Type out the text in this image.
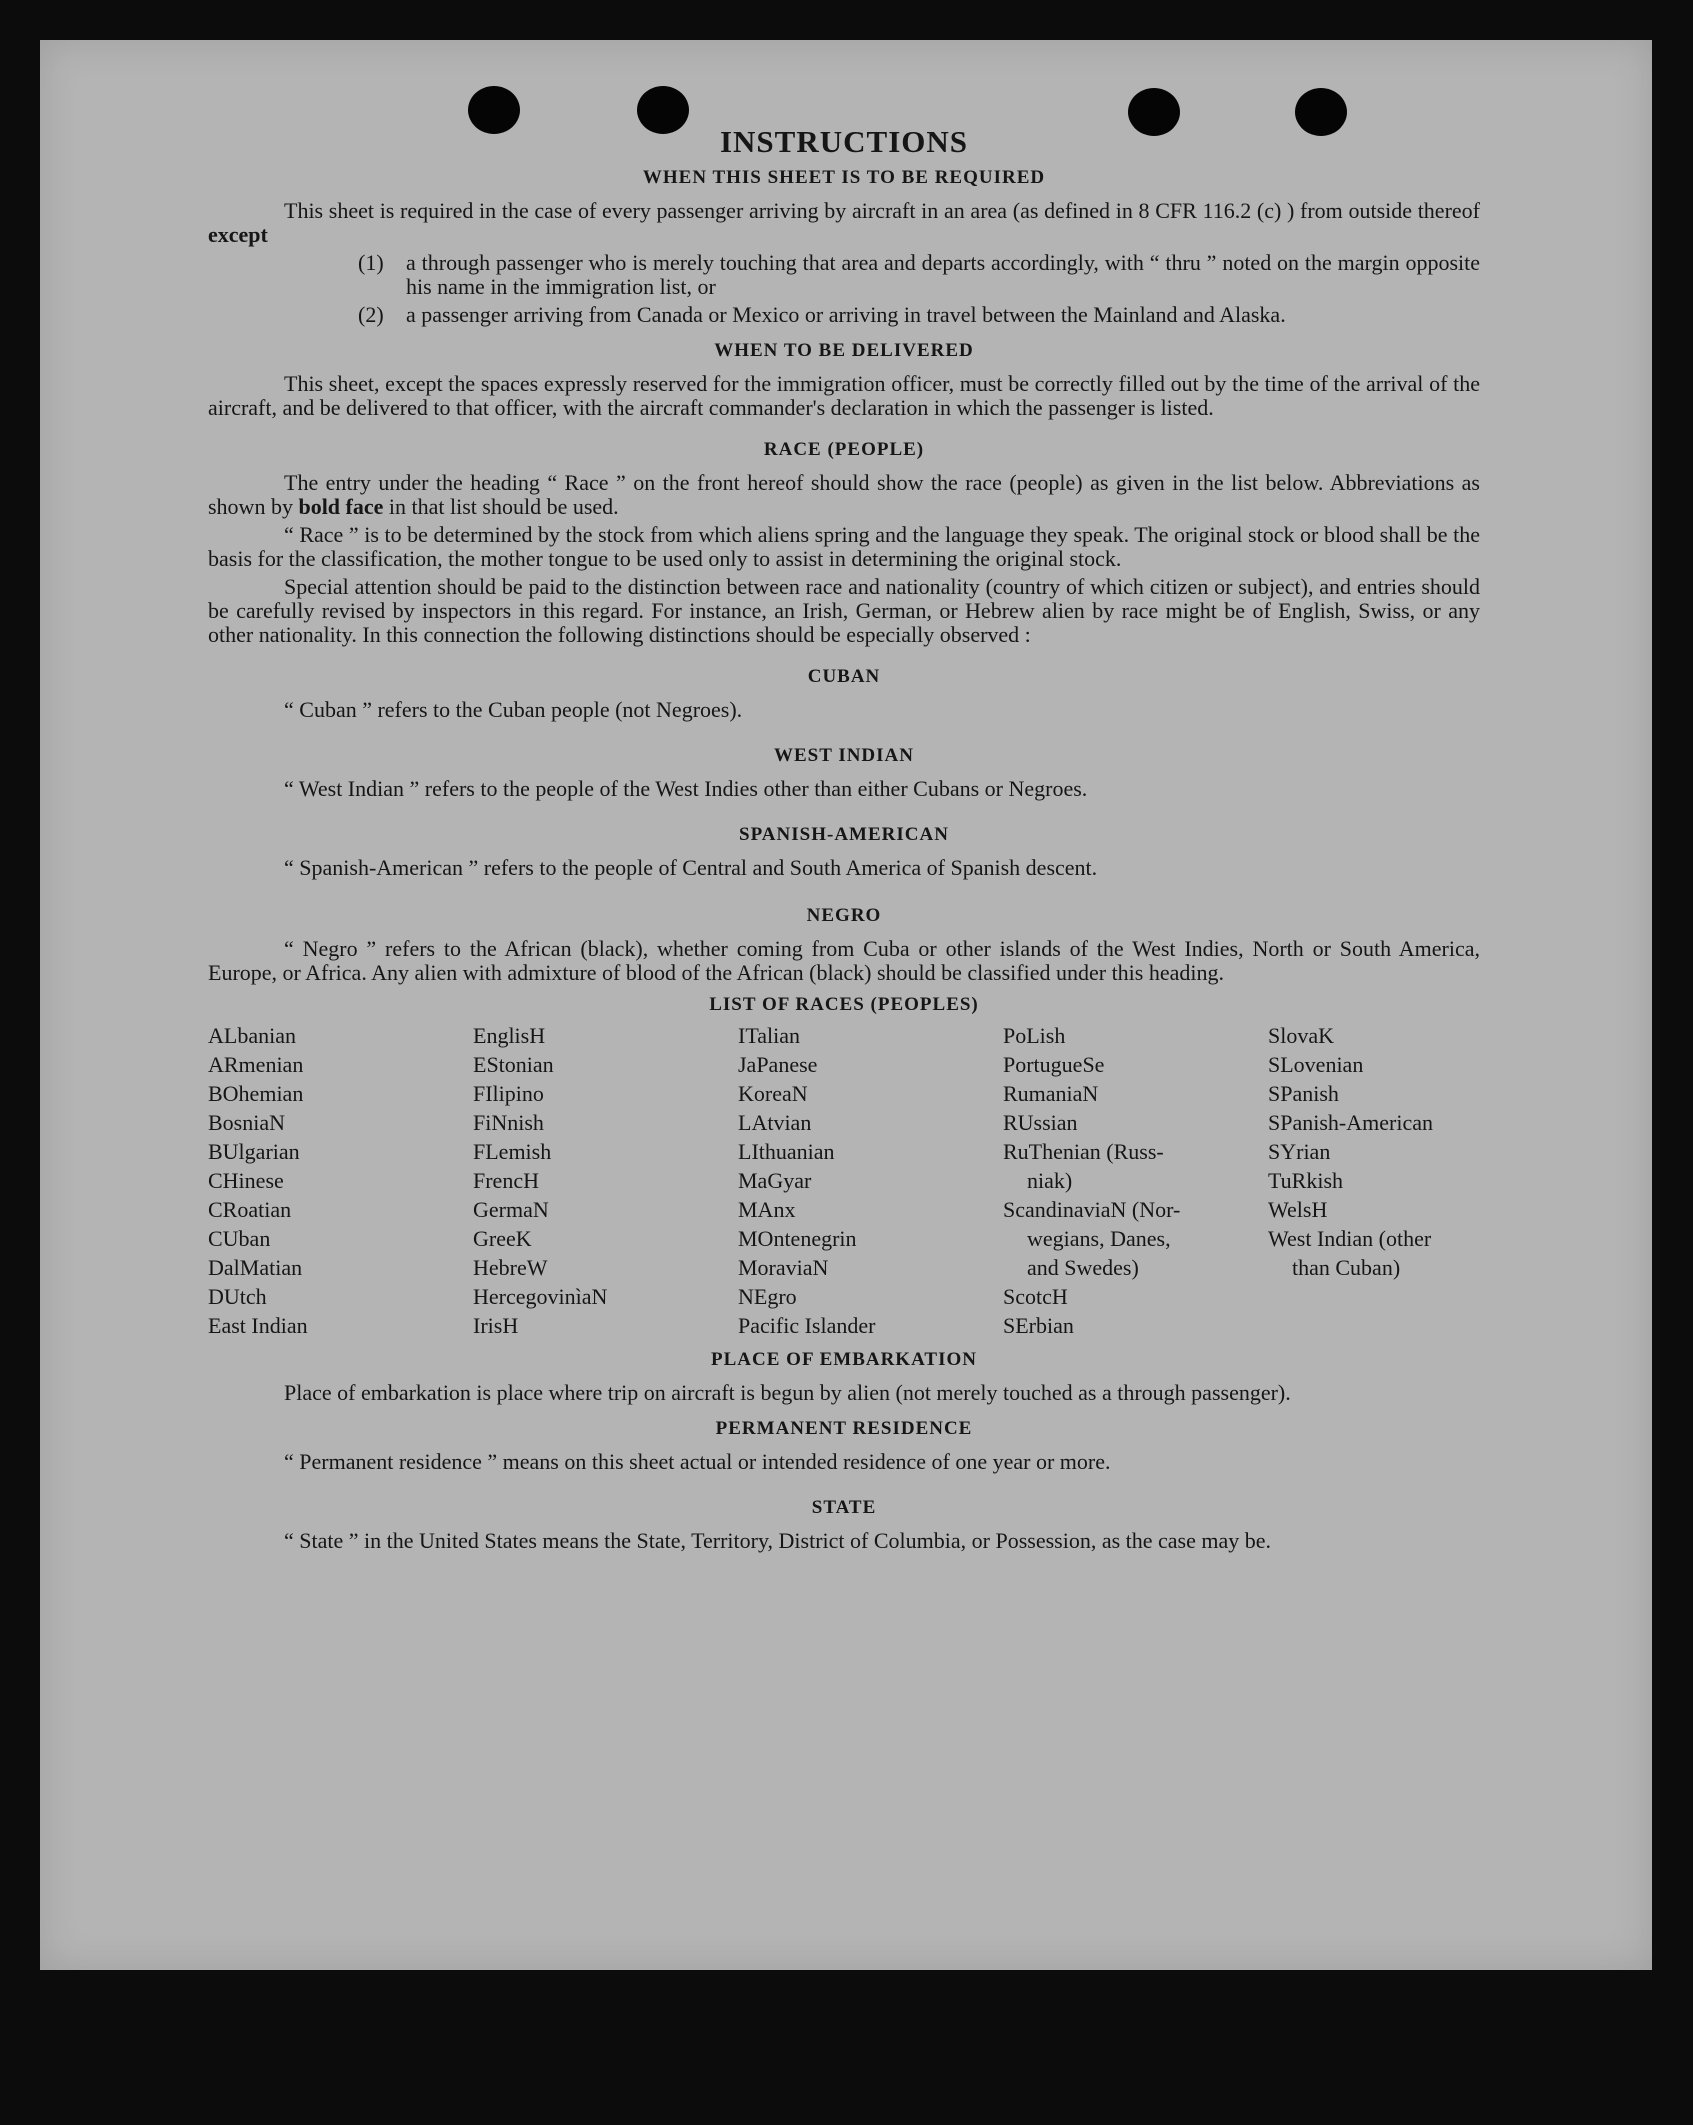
INSTRUCTIONS
WHEN THIS SHEET IS TO BE REQUIRED

This sheet is required in the case of every passenger arriving by aircraft in an area (as defined in 8 CFR 116.2 (c) ) from outside thereof except

(1)	a through passenger who is merely touching that area and departs accordingly, with “ thru ” noted on the margin opposite his name in the immigration list, or
(2)	a passenger arriving from Canada or Mexico or arriving in travel between the Mainland and Alaska.
WHEN TO BE DELIVERED

This sheet, except the spaces expressly reserved for the immigration officer, must be correctly filled out by the time of the arrival of the aircraft, and be delivered to that officer, with the aircraft commander's declaration in which the passenger is listed.

RACE (PEOPLE)

The entry under the heading “ Race ” on the front hereof should show the race (people) as given in the list below. Abbreviations as shown by bold face in that list should be used.

“ Race ” is to be determined by the stock from which aliens spring and the language they speak. The original stock or blood shall be the basis for the classification, the mother tongue to be used only to assist in determining the original stock.

Special attention should be paid to the distinction between race and nationality (country of which citizen or subject), and entries should be carefully revised by inspectors in this regard. For instance, an Irish, German, or Hebrew alien by race might be of English, Swiss, or any other nationality. In this connection the following distinctions should be especially observed :

CUBAN

“ Cuban ” refers to the Cuban people (not Negroes).

WEST INDIAN

“ West Indian ” refers to the people of the West Indies other than either Cubans or Negroes.

SPANISH-AMERICAN

“ Spanish-American ” refers to the people of Central and South America of Spanish descent.

NEGRO

“ Negro ” refers to the African (black), whether coming from Cuba or other islands of the West Indies, North or South America, Europe, or Africa. Any alien with admixture of blood of the African (black) should be classified under this heading.

LIST OF RACES (PEOPLES)
ALbanian	EnglisH	ITalian	PoLish	SlovaK
ARmenian	EStonian	JaPanese	PortugueSe	SLovenian
BOhemian	FIlipino	KoreaN	RumaniaN	SPanish
BosniaN	FiNnish	LAtvian	RUssian	SPanish-American
BUlgarian	FLemish	LIthuanian	RuThenian (Russ-	SYrian
CHinese	FrencH	MaGyar	niak)	TuRkish
CRoatian	GermaN	MAnx	ScandinaviaN (Nor-	WelsH
CUban	GreeK	MOntenegrin	wegians, Danes,	West Indian (other
DalMatian	HebreW	MoraviaN	and Swedes)	than Cuban)
DUtch	HercegovinìaN	NEgro	ScotcH
East Indian	IrisH	Pacific Islander	SErbian
PLACE OF EMBARKATION

Place of embarkation is place where trip on aircraft is begun by alien (not merely touched as a through passenger).

PERMANENT RESIDENCE

“ Permanent residence ” means on this sheet actual or intended residence of one year or more.

STATE

“ State ” in the United States means the State, Territory, District of Columbia, or Possession, as the case may be.
